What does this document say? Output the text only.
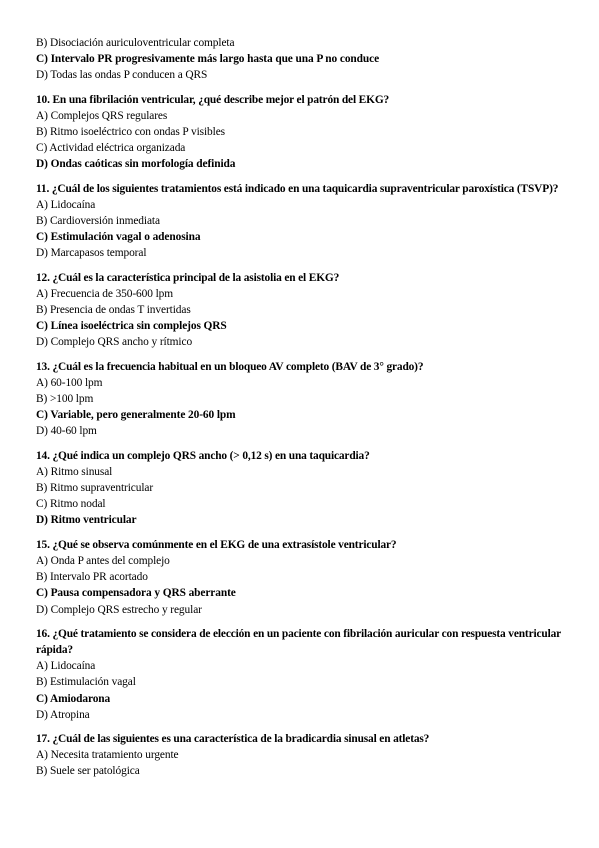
B) Disociación auriculoventricular completa
C) Intervalo PR progresivamente más largo hasta que una P no conduce
D) Todas las ondas P conducen a QRS
10. En una fibrilación ventricular, ¿qué describe mejor el patrón del EKG?
A) Complejos QRS regulares
B) Ritmo isoeléctrico con ondas P visibles
C) Actividad eléctrica organizada
D) Ondas caóticas sin morfología definida
11. ¿Cuál de los siguientes tratamientos está indicado en una taquicardia supraventricular paroxística (TSVP)?
A) Lidocaína
B) Cardioversión inmediata
C) Estimulación vagal o adenosina
D) Marcapasos temporal
12. ¿Cuál es la característica principal de la asistolia en el EKG?
A) Frecuencia de 350-600 lpm
B) Presencia de ondas T invertidas
C) Línea isoeléctrica sin complejos QRS
D) Complejo QRS ancho y rítmico
13. ¿Cuál es la frecuencia habitual en un bloqueo AV completo (BAV de 3° grado)?
A) 60-100 lpm
B) >100 lpm
C) Variable, pero generalmente 20-60 lpm
D) 40-60 lpm
14. ¿Qué indica un complejo QRS ancho (> 0,12 s) en una taquicardia?
A) Ritmo sinusal
B) Ritmo supraventricular
C) Ritmo nodal
D) Ritmo ventricular
15. ¿Qué se observa comúnmente en el EKG de una extrasístole ventricular?
A) Onda P antes del complejo
B) Intervalo PR acortado
C) Pausa compensadora y QRS aberrante
D) Complejo QRS estrecho y regular
16. ¿Qué tratamiento se considera de elección en un paciente con fibrilación auricular con respuesta ventricular rápida?
A) Lidocaína
B) Estimulación vagal
C) Amiodarona
D) Atropina
17. ¿Cuál de las siguientes es una característica de la bradicardia sinusal en atletas?
A) Necesita tratamiento urgente
B) Suele ser patológica
